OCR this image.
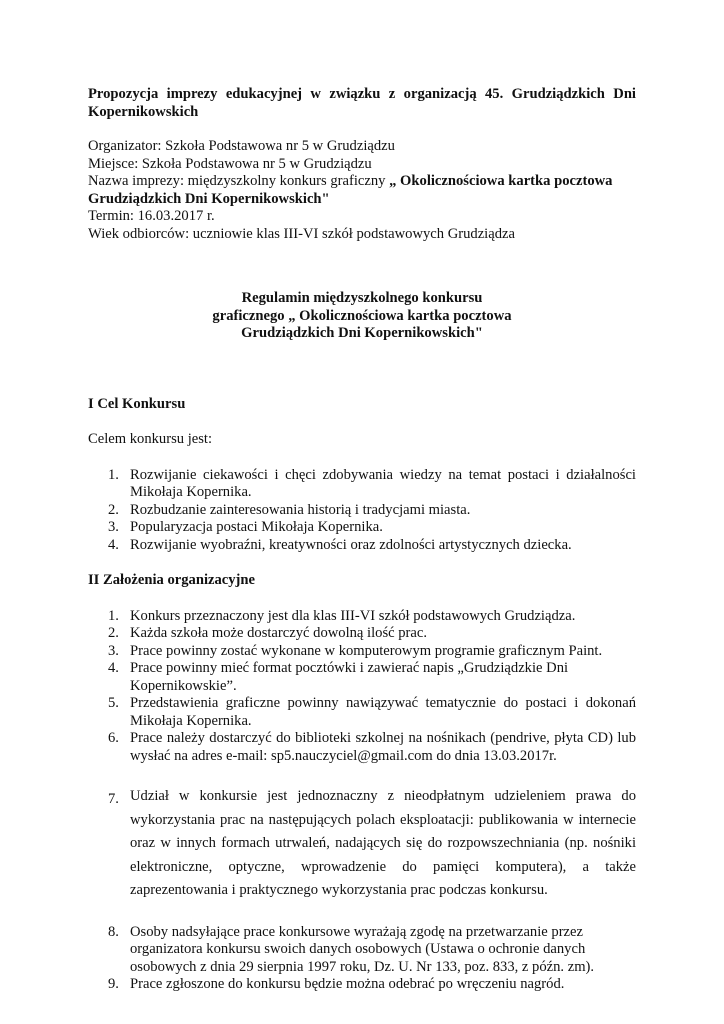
Propozycja imprezy edukacyjnej w związku z organizacją 45. Grudziądzkich Dni
Kopernikowskich
Organizator: Szkoła Podstawowa nr 5 w Grudziądzu
Miejsce: Szkoła Podstawowa nr 5 w Grudziądzu
Nazwa imprezy: międzyszkolny konkurs graficzny „ Okolicznościowa kartka pocztowa
Grudziądzkich Dni Kopernikowskich"
Termin: 16.03.2017 r.
Wiek odbiorców: uczniowie klas III-VI szkół podstawowych Grudziądza
Regulamin międzyszkolnego konkursu
graficznego „ Okolicznościowa kartka pocztowa
Grudziądzkich Dni Kopernikowskich"
I Cel Konkursu
Celem konkursu jest:
1. Rozwijanie ciekawości i chęci zdobywania wiedzy na temat postaci i działalności
Mikołaja Kopernika.
2. Rozbudzanie zainteresowania historią i tradycjami miasta.
3. Popularyzacja postaci Mikołaja Kopernika.
4. Rozwijanie wyobraźni, kreatywności oraz zdolności artystycznych dziecka.
II Założenia organizacyjne
1. Konkurs przeznaczony jest dla klas III-VI szkół podstawowych Grudziądza.
2. Każda szkoła może dostarczyć dowolną ilość prac.
3. Prace powinny zostać wykonane w komputerowym programie graficznym Paint.
4. Prace powinny mieć format pocztówki i zawierać napis „Grudziądzkie Dni
Kopernikowskie”.
5. Przedstawienia graficzne powinny nawiązywać tematycznie do postaci i dokonań
Mikołaja Kopernika.
6. Prace należy dostarczyć do biblioteki szkolnej na nośnikach (pendrive, płyta CD) lub
wysłać na adres e-mail: sp5.nauczyciel@gmail.com do dnia 13.03.2017r.
7. Udział w konkursie jest jednoznaczny z nieodpłatnym udzieleniem prawa do
wykorzystania prac na następujących polach eksploatacji: publikowania w internecie
oraz w innych formach utrwaleń, nadających się do rozpowszechniania (np. nośniki
elektroniczne, optyczne, wprowadzenie do pamięci komputera), a także
zaprezentowania i praktycznego wykorzystania prac podczas konkursu.
8. Osoby nadsyłające prace konkursowe wyrażają zgodę na przetwarzanie przez
organizatora konkursu swoich danych osobowych (Ustawa o ochronie danych
osobowych z dnia 29 sierpnia 1997 roku, Dz. U. Nr 133, poz. 833, z późn. zm).
9. Prace zgłoszone do konkursu będzie można odebrać po wręczeniu nagród.
